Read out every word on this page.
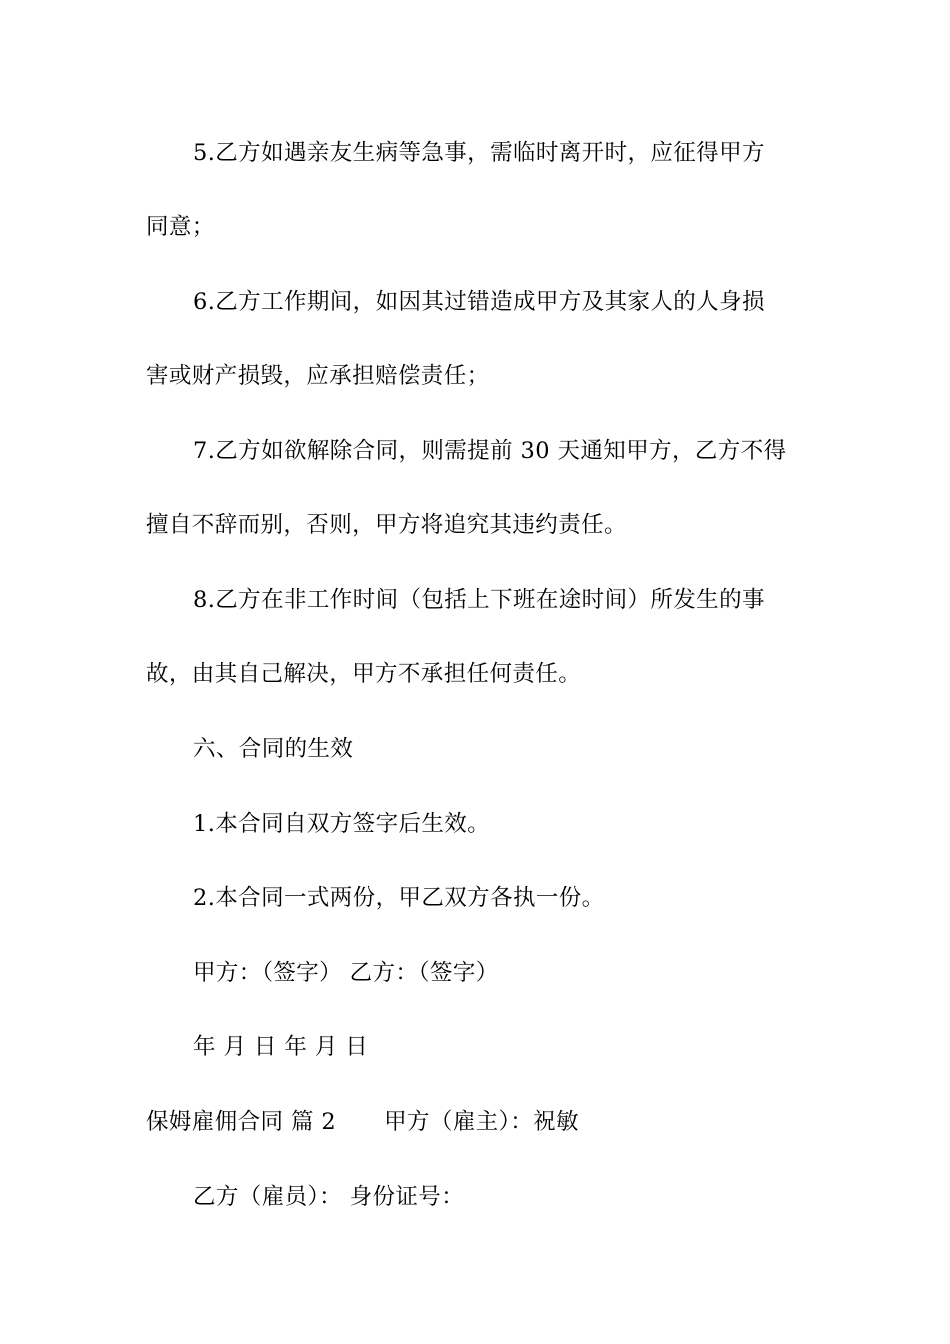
5.乙方如遇亲友生病等急事，需临时离开时，应征得甲方
同意；
6.乙方工作期间，如因其过错造成甲方及其家人的人身损
害或财产损毁，应承担赔偿责任；
7.乙方如欲解除合同，则需提前 30 天通知甲方，乙方不得
擅自不辞而别，否则，甲方将追究其违约责任。
8.乙方在非工作时间（包括上下班在途时间）所发生的事
故，由其自己解决，甲方不承担任何责任。
六、合同的生效
1.本合同自双方签字后生效。
2.本合同一式两份，甲乙双方各执一份。
甲方：（签字） 乙方：（签字）
年 月 日 年 月 日
保姆雇佣合同 篇 2 甲方（雇主）：祝敏
乙方（雇员）： 身份证号：
